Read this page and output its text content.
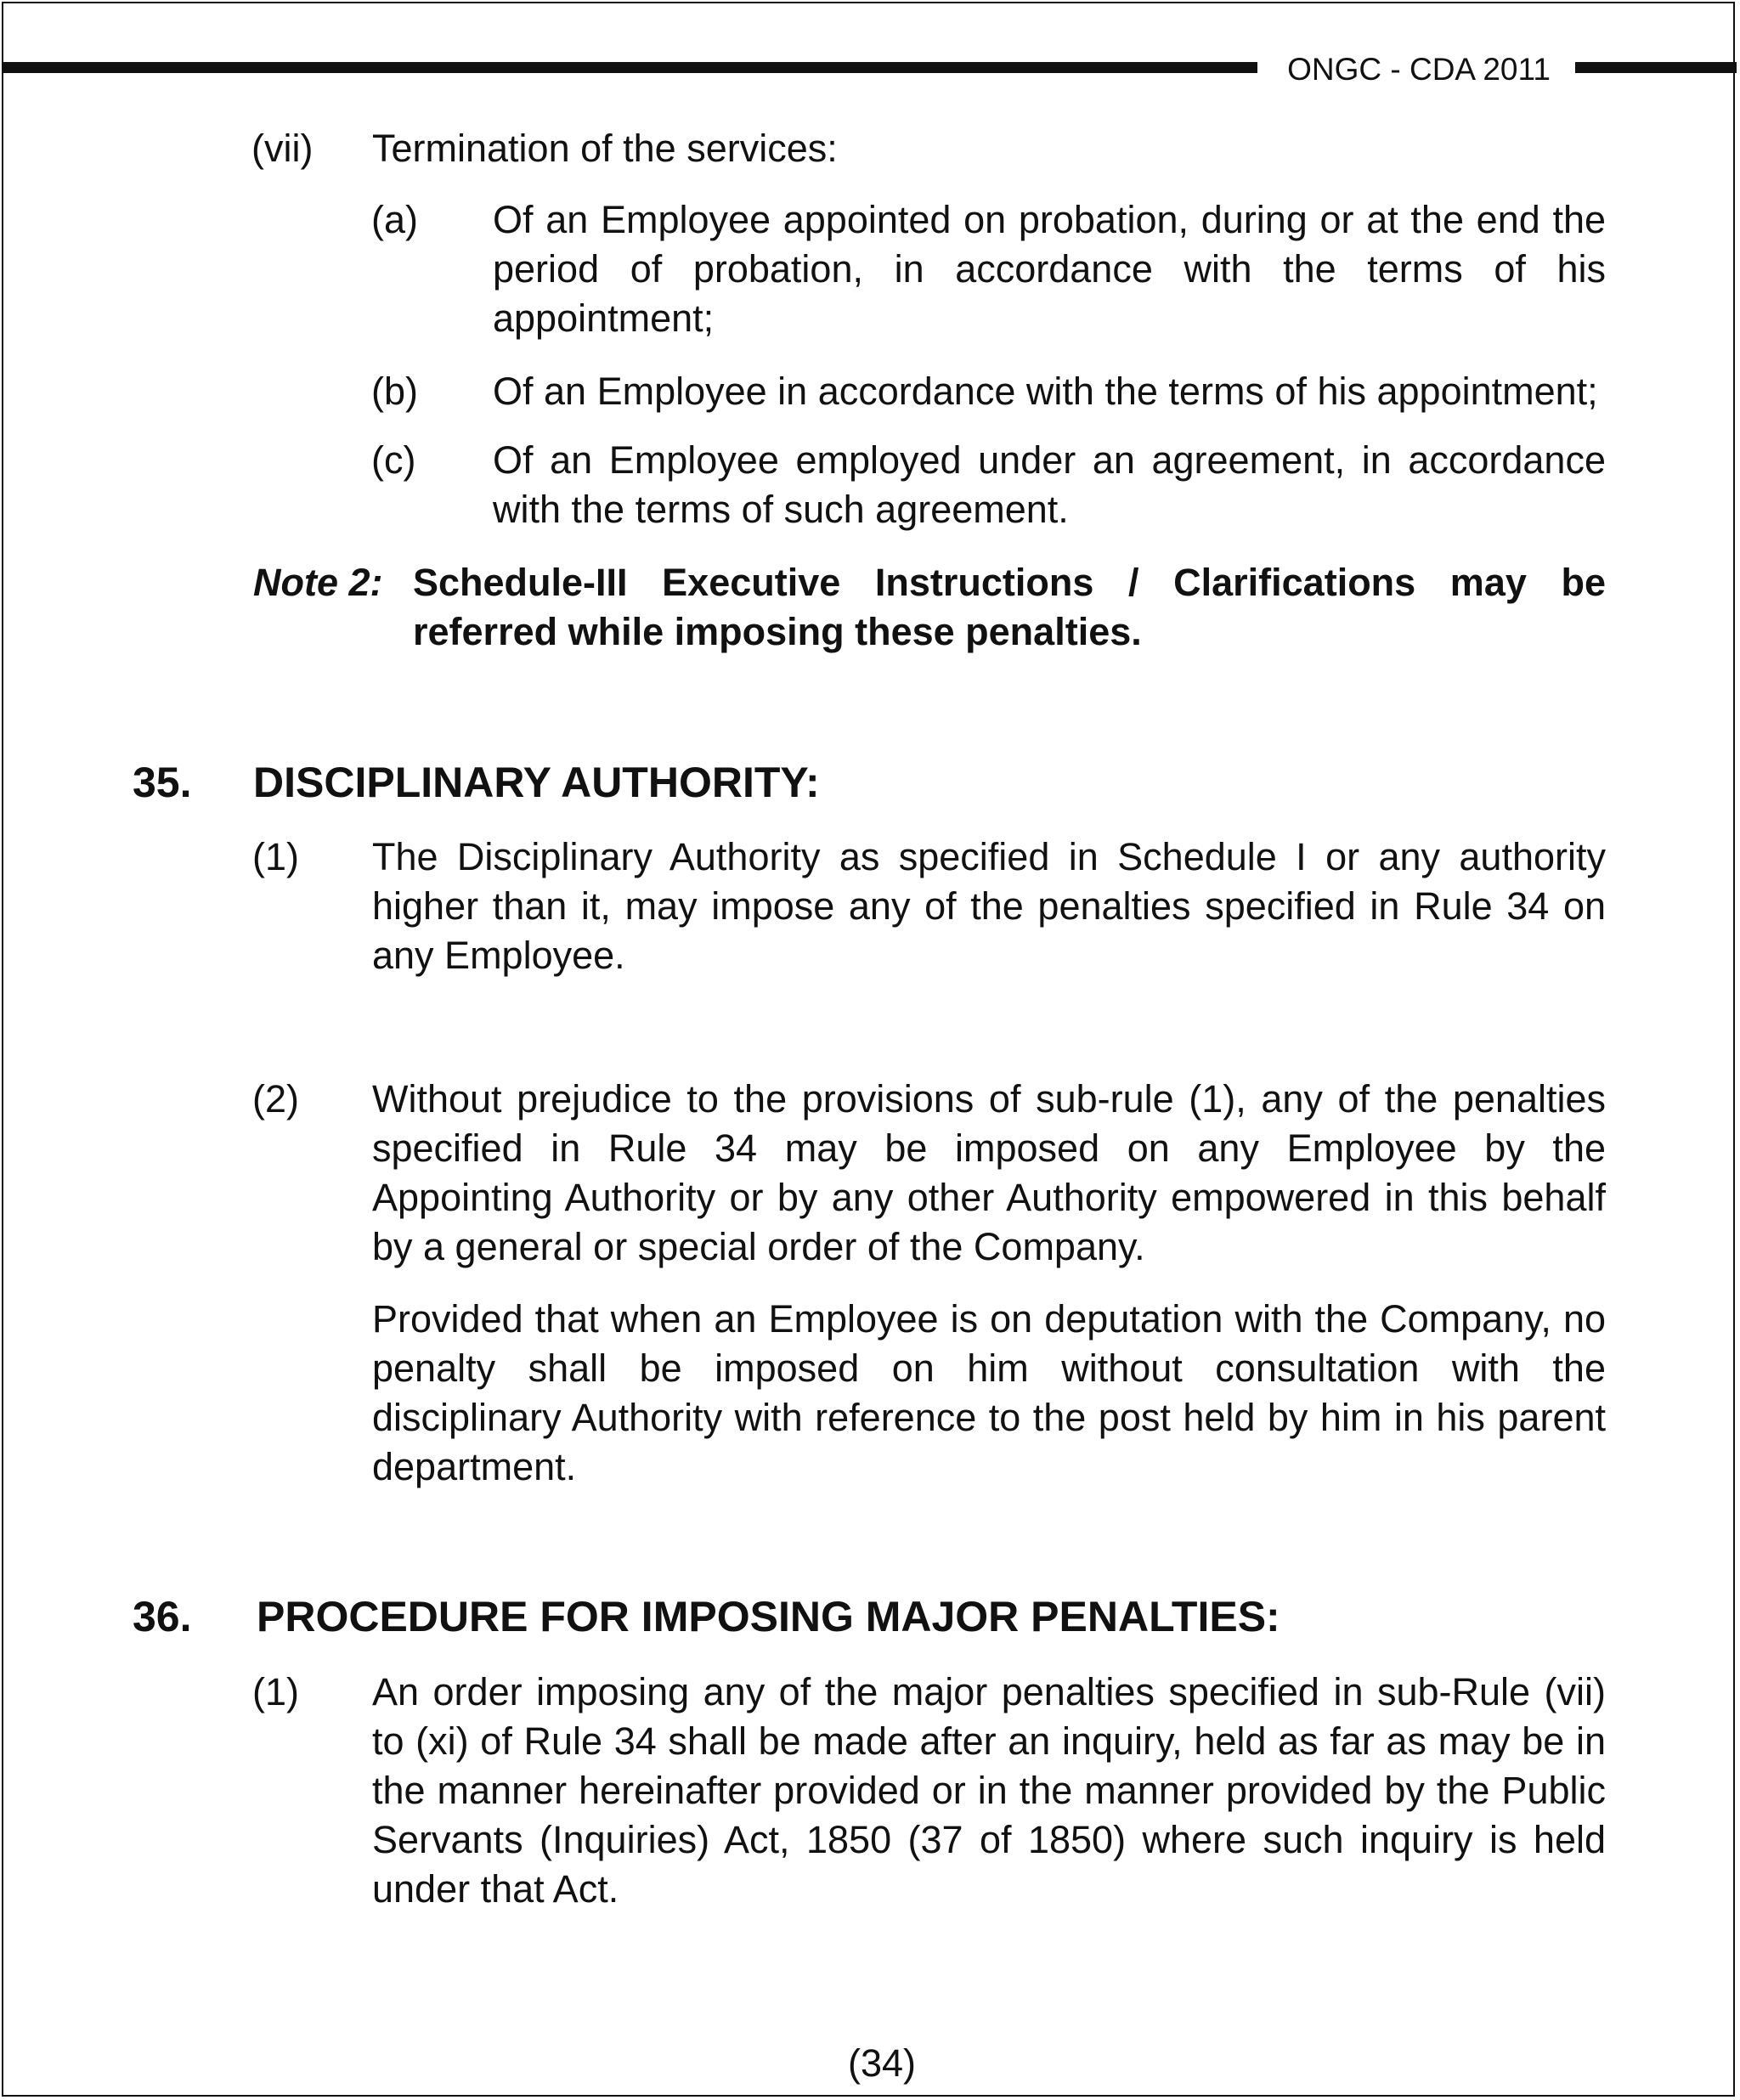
ONGC - CDA 2011
(vii) Termination of the services:
(a) Of an Employee appointed on probation, during or at the end the period of probation, in accordance with the terms of his appointment;
(b) Of an Employee in accordance with the terms of his appointment;
(c) Of an Employee employed under an agreement, in accordance with the terms of such agreement.
Note 2: Schedule-III Executive Instructions / Clarifications may be referred while imposing these penalties.
35. DISCIPLINARY AUTHORITY:
(1) The Disciplinary Authority as specified in Schedule I or any authority higher than it, may impose any of the penalties specified in Rule 34 on any Employee.
(2) Without prejudice to the provisions of sub-rule (1), any of the penalties specified in Rule 34 may be imposed on any Employee by the Appointing Authority or by any other Authority empowered in this behalf by a general or special order of the Company.
Provided that when an Employee is on deputation with the Company, no penalty shall be imposed on him without consultation with the disciplinary Authority with reference to the post held by him in his parent department.
36. PROCEDURE FOR IMPOSING MAJOR PENALTIES:
(1) An order imposing any of the major penalties specified in sub-Rule (vii) to (xi) of Rule 34 shall be made after an inquiry, held as far as may be in the manner hereinafter provided or in the manner provided by the Public Servants (Inquiries) Act, 1850 (37 of 1850) where such inquiry is held under that Act.
(34)
